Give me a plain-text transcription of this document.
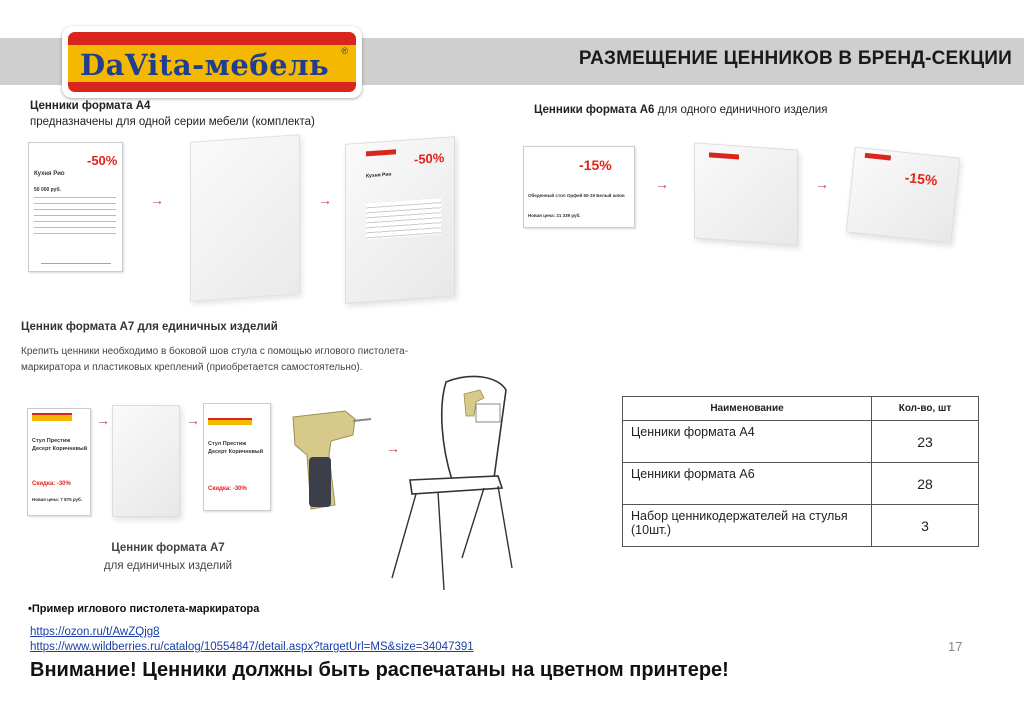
РАЗМЕЩЕНИЕ ЦЕННИКОВ В БРЕНД-СЕКЦИИ
DaVita-мебель ®
Ценники формата А4
предназначены для одной серии мебели (комплекта)
-50%
Кухня Рио
50 000 руб.
→	→
-50%
Кухня Рио
Ценники формата А6 для одного единичного изделия
-15%
Обеденный стол Орфей 50-19 Белый шпон
Новая цена: 21 339 руб.
→	→	-15%
Ценник формата А7 для единичных изделий
Крепить ценники необходимо в боковой шов стула с помощью иглового пистолета-маркиратора и пластиковых креплений (приобретается самостоятельно).
Стул Престиж Десерт Коричневый
Скидка: -30%
Новая цена: 7 875 руб.
→	→
Стул Престиж Десерт Коричневый
Скидка: -30%
→
Ценник формата А7
для единичных изделий
Наименование	Кол-во, шт
Ценники формата А4	23
Ценники формата А6	28
Набор ценникодержателей на стулья (10шт.)	3
•Пример иглового пистолета-маркиратора
https://ozon.ru/t/AwZQjg8
https://www.wildberries.ru/catalog/10554847/detail.aspx?targetUrl=MS&size=34047391	17
Внимание! Ценники должны быть распечатаны на цветном принтере!
